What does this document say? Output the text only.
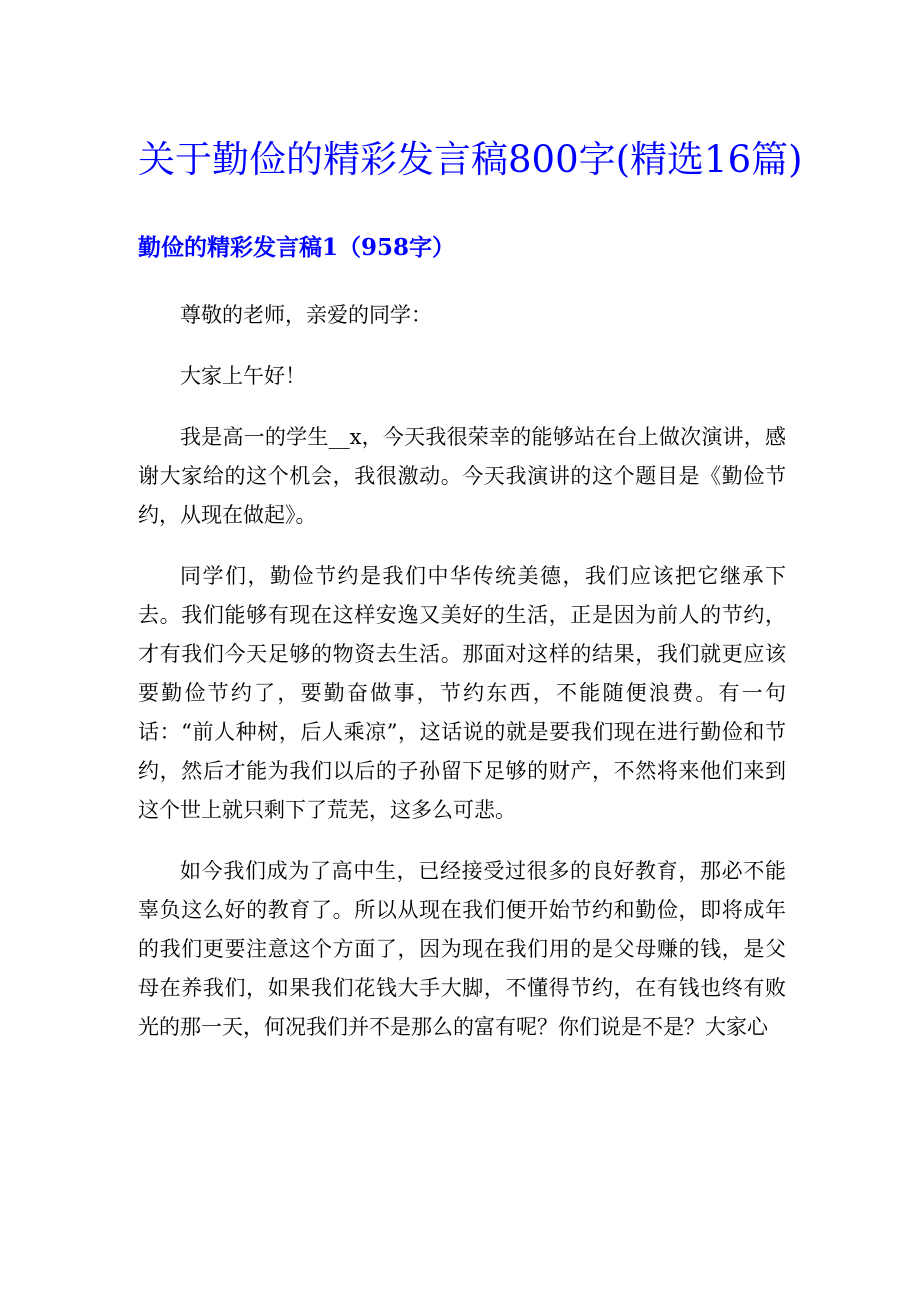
关于勤俭的精彩发言稿800字(精选16篇)
勤俭的精彩发言稿1（958字）

尊敬的老师，亲爱的同学：

大家上午好！

我是高一的学生__x，今天我很荣幸的能够站在台上做次演讲，感谢大家给的这个机会，我很激动。今天我演讲的这个题目是《勤俭节约，从现在做起》。

同学们，勤俭节约是我们中华传统美德，我们应该把它继承下去。我们能够有现在这样安逸又美好的生活，正是因为前人的节约，才有我们今天足够的物资去生活。那面对这样的结果，我们就更应该要勤俭节约了，要勤奋做事，节约东西，不能随便浪费。有一句话：“前人种树，后人乘凉”，这话说的就是要我们现在进行勤俭和节约，然后才能为我们以后的子孙留下足够的财产，不然将来他们来到这个世上就只剩下了荒芜，这多么可悲。

如今我们成为了高中生，已经接受过很多的良好教育，那必不能辜负这么好的教育了。所以从现在我们便开始节约和勤俭，即将成年的我们更要注意这个方面了，因为现在我们用的是父母赚的钱，是父母在养我们，如果我们花钱大手大脚，不懂得节约，在有钱也终有败光的那一天，何况我们并不是那么的富有呢？你们说是不是？大家心
